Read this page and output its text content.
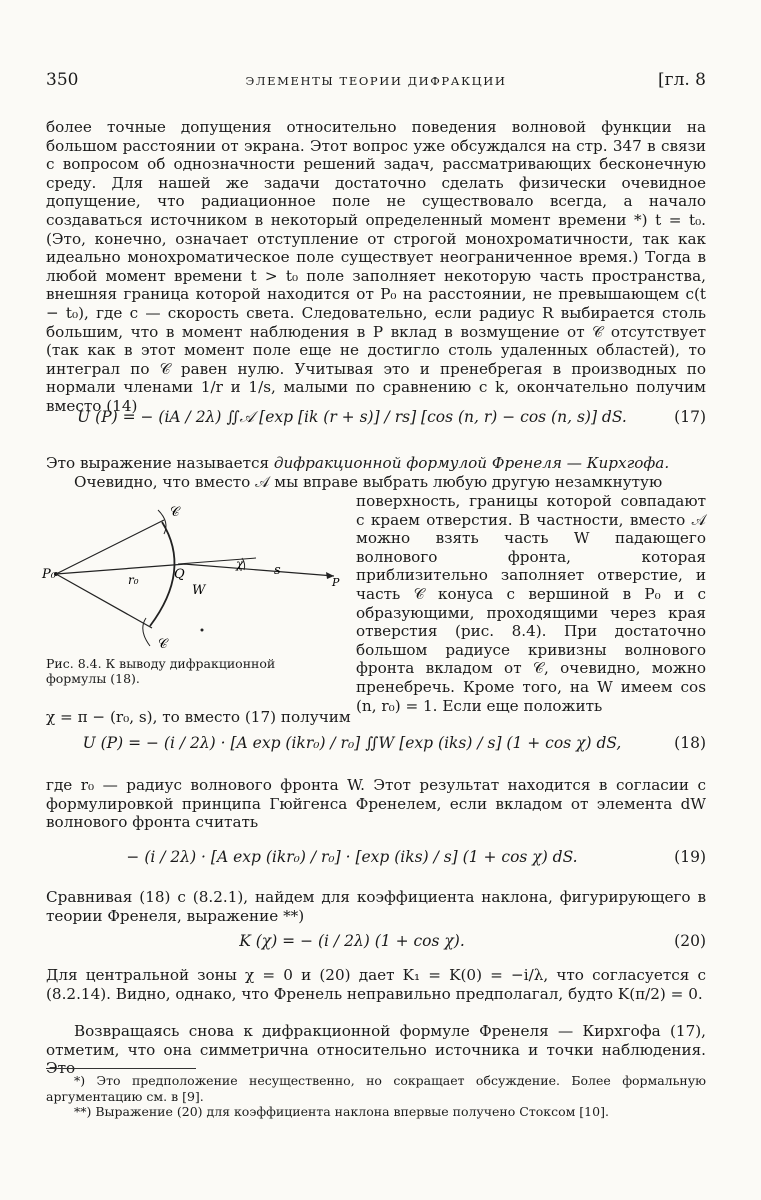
350	ЭЛЕМЕНТЫ ТЕОРИИ ДИФРАКЦИИ	[гл. 8

более точные допущения относительно поведения волновой функции на большом расстоянии от экрана. Этот вопрос уже обсуждался на стр. 347 в связи с вопросом об однозначности решений задач, рассматривающих бесконечную среду. Для нашей же задачи достаточно сделать физически очевидное допущение, что радиационное поле не существовало всегда, а начало создаваться источником в некоторый определенный момент времени *) t = t₀. (Это, конечно, означает отступление от строгой монохроматичности, так как идеально монохроматическое поле существует неограниченное время.) Тогда в любой момент времени t > t₀ поле заполняет некоторую часть пространства, внешняя граница которой находится от P₀ на расстоянии, не превышающем c(t − t₀), где c — скорость света. Следовательно, если радиус R выбирается столь большим, что в момент наблюдения в P вклад в возмущение от 𝒞 отсутствует (так как в этот момент поле еще не достигло столь удаленных областей), то интеграл по 𝒞 равен нулю. Учитывая это и пренебрегая в производных по нормали членами 1/r и 1/s, малыми по сравнению с k, окончательно получим вместо (14)

U (P) = − (iA / 2λ) ∬𝒜 [exp [ik (r + s)] / rs] [cos (n, r) − cos (n, s)] dS.	(17)

Это выражение называется дифракционной формулой Френеля — Кирхгофа.

Очевидно, что вместо 𝒜 мы вправе выбрать любую другую незамкнутую

P₀	r₀	Q
W
χ s
P
𝒞
𝒞

поверхность, границы которой совпадают с краем отверстия. В частности, вместо 𝒜 можно взять часть W падающего волнового фронта, которая приблизительно заполняет отверстие, и часть 𝒞 конуса с вершиной в P₀ и с образующими, проходящими через края отверстия (рис. 8.4). При достаточно большом радиусе кривизны волнового фронта вкладом от 𝒞, очевидно, можно пренебречь. Кроме того, на W имеем cos (n, r₀) = 1. Если еще положить

Рис. 8.4. К выводу дифракционной формулы (18).

χ = π − (r₀, s), то вместо (17) получим

U (P) = − (i / 2λ) · [A exp (ikr₀) / r₀] ∬W [exp (iks) / s] (1 + cos χ) dS,	(18)

где r₀ — радиус волнового фронта W. Этот результат находится в согласии с формулировкой принципа Гюйгенса Френелем, если вкладом от элемента dW волнового фронта считать

− (i / 2λ) · [A exp (ikr₀) / r₀] · [exp (iks) / s] (1 + cos χ) dS.	(19)

Сравнивая (18) с (8.2.1), найдем для коэффициента наклона, фигурирующего в теории Френеля, выражение **)

K (χ) = − (i / 2λ) (1 + cos χ).	(20)

Для центральной зоны χ = 0 и (20) дает K₁ = K(0) = −i/λ, что согласуется с (8.2.14). Видно, однако, что Френель неправильно предполагал, будто K(π/2) = 0.

Возвращаясь снова к дифракционной формуле Френеля — Кирхгофа (17), отметим, что она симметрична относительно источника и точки наблюдения. Это

*) Это предположение несущественно, но сокращает обсуждение. Более формальную аргументацию см. в [9].
**) Выражение (20) для коэффициента наклона впервые получено Стоксом [10].
